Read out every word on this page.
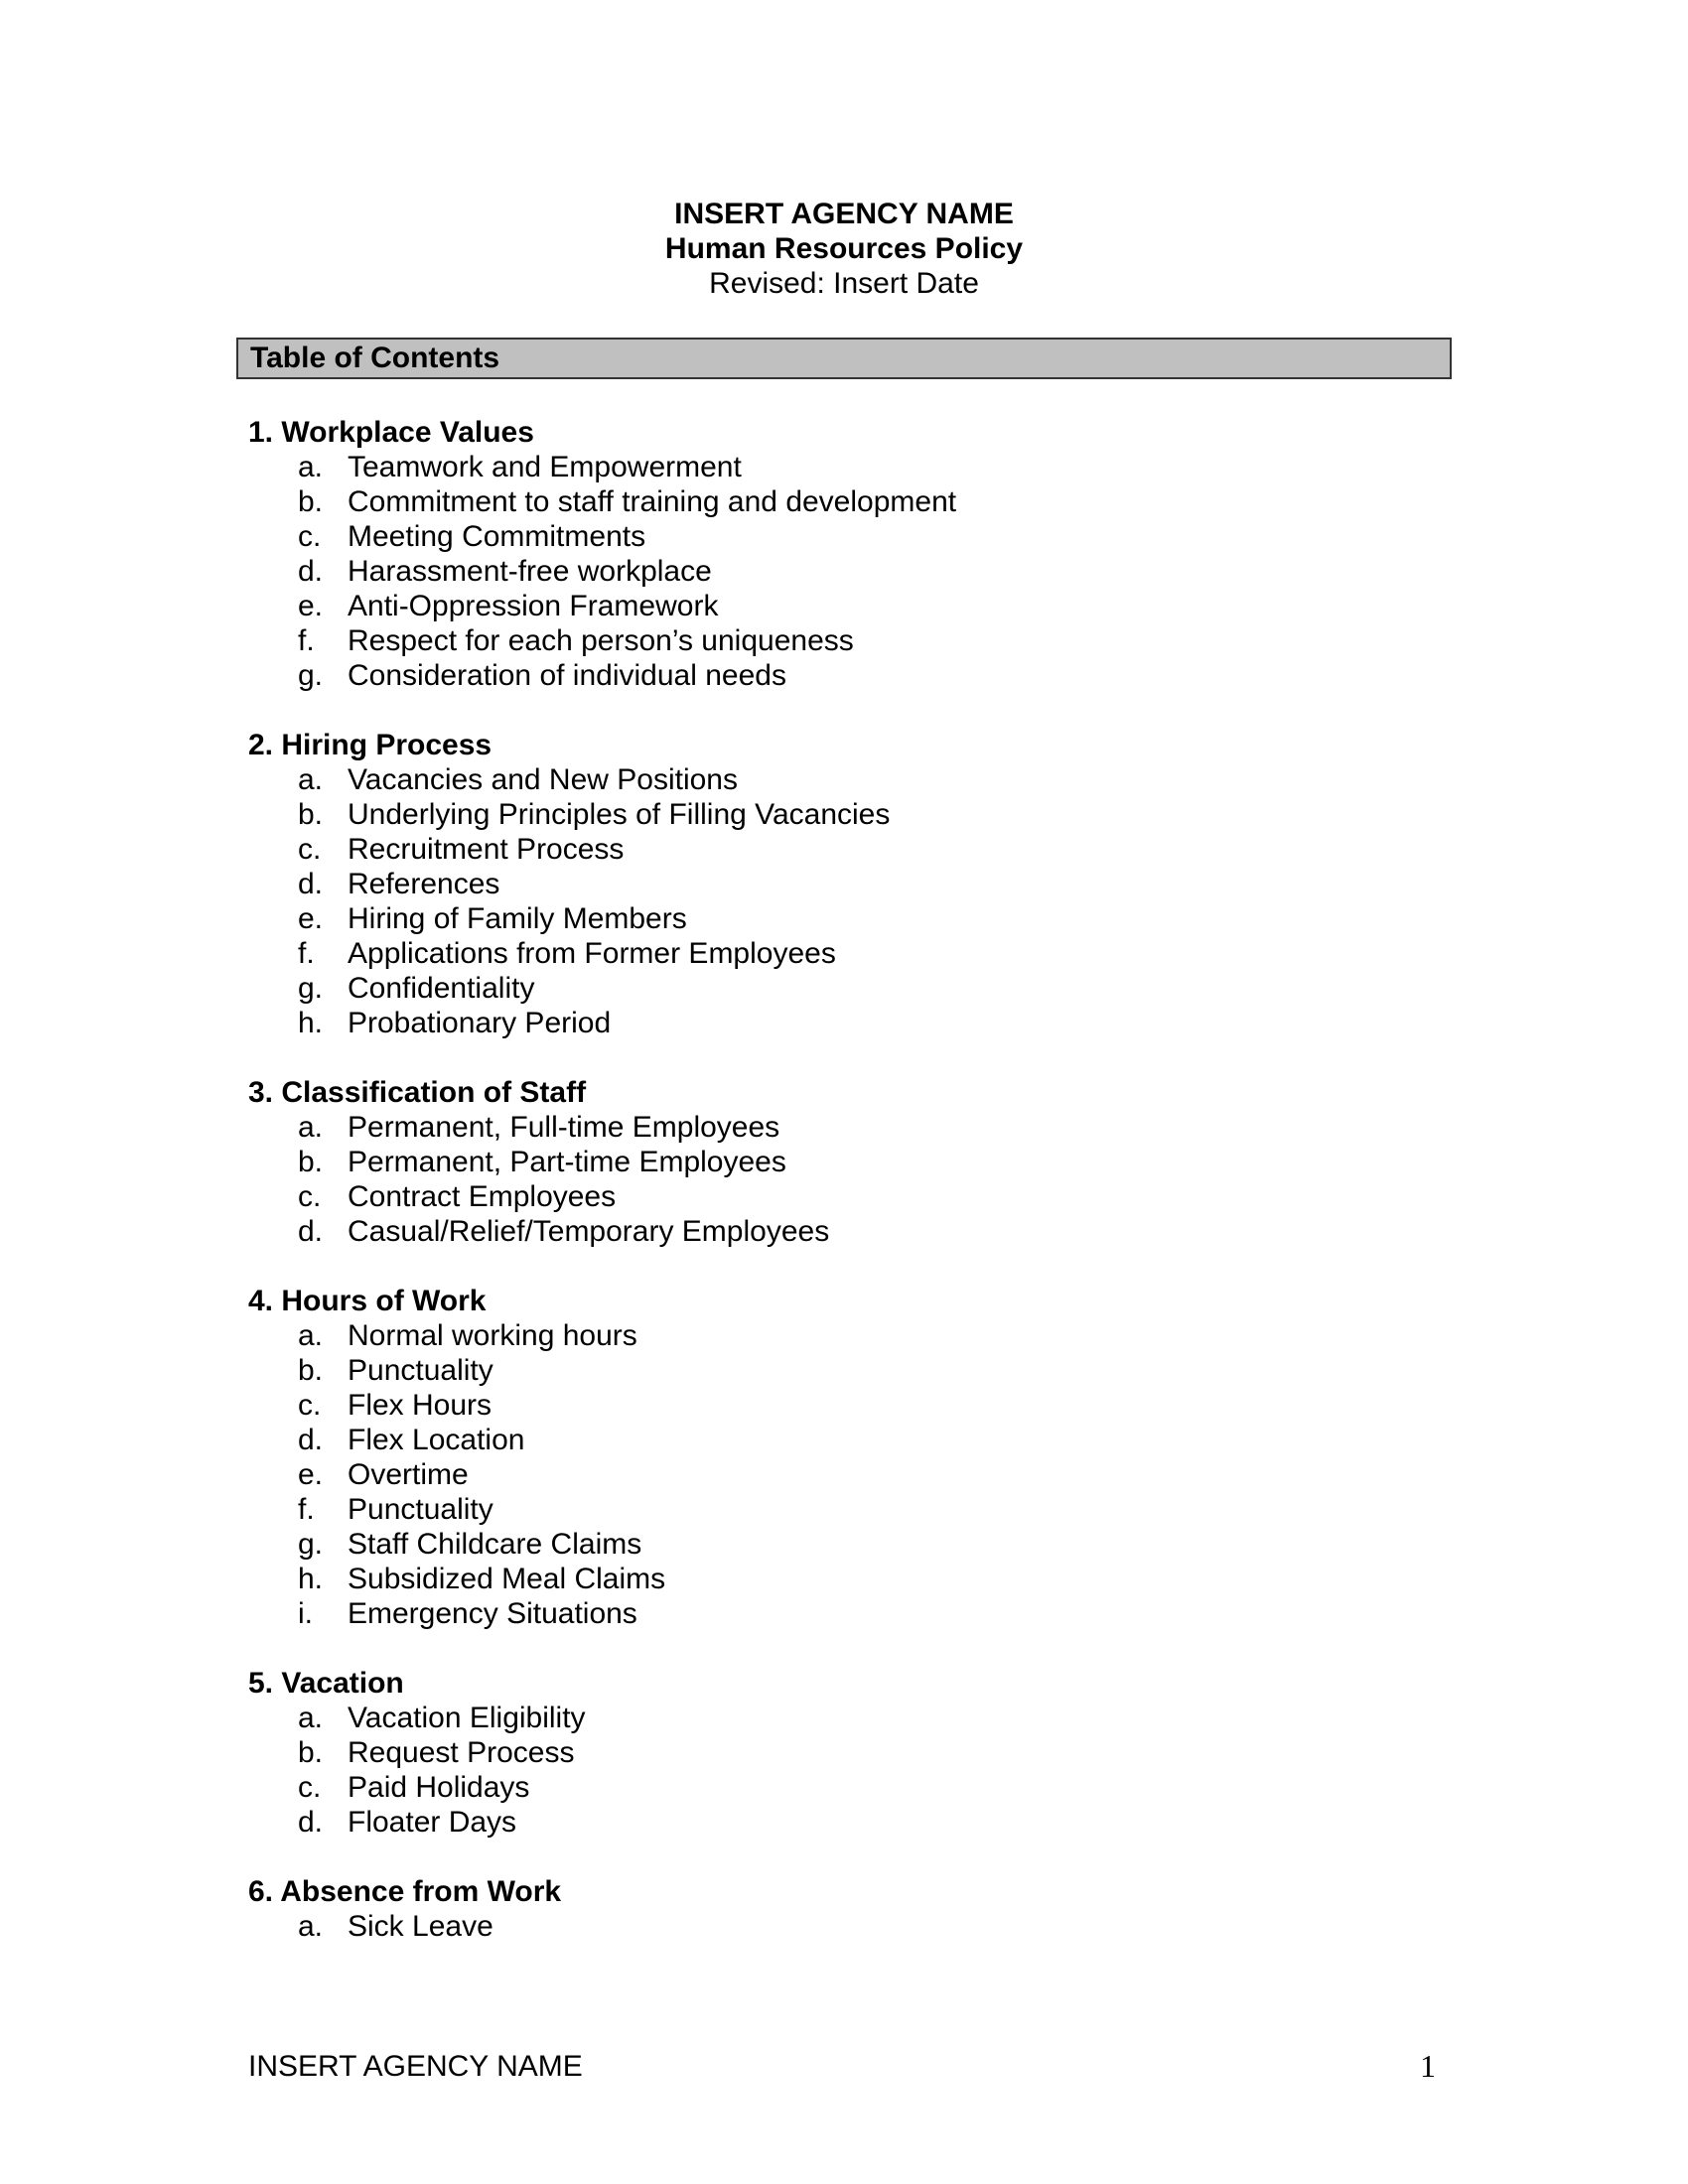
INSERT AGENCY NAME
Human Resources Policy
Revised: Insert Date
Table of Contents
1. Workplace Values
a. Teamwork and Empowerment
b. Commitment to staff training and development
c. Meeting Commitments
d. Harassment-free workplace
e. Anti-Oppression Framework
f.	Respect for each person’s uniqueness
g. Consideration of individual needs
2. Hiring Process
a. Vacancies and New Positions
b. Underlying Principles of Filling Vacancies
c. Recruitment Process
d. References
e. Hiring of Family Members
f.	Applications from Former Employees
g. Confidentiality
h. Probationary Period
3. Classification of Staff
a. Permanent, Full-time Employees
b. Permanent, Part-time Employees
c. Contract Employees
d. Casual/Relief/Temporary Employees
4. Hours of Work
a. Normal working hours
b. Punctuality
c. Flex Hours
d. Flex Location
e. Overtime
f.	Punctuality
g. Staff Childcare Claims
h. Subsidized Meal Claims
i.	Emergency Situations
5. Vacation
a. Vacation Eligibility
b. Request Process
c. Paid Holidays
d. Floater Days
6. Absence from Work
a. Sick Leave
INSERT AGENCY NAME	1
